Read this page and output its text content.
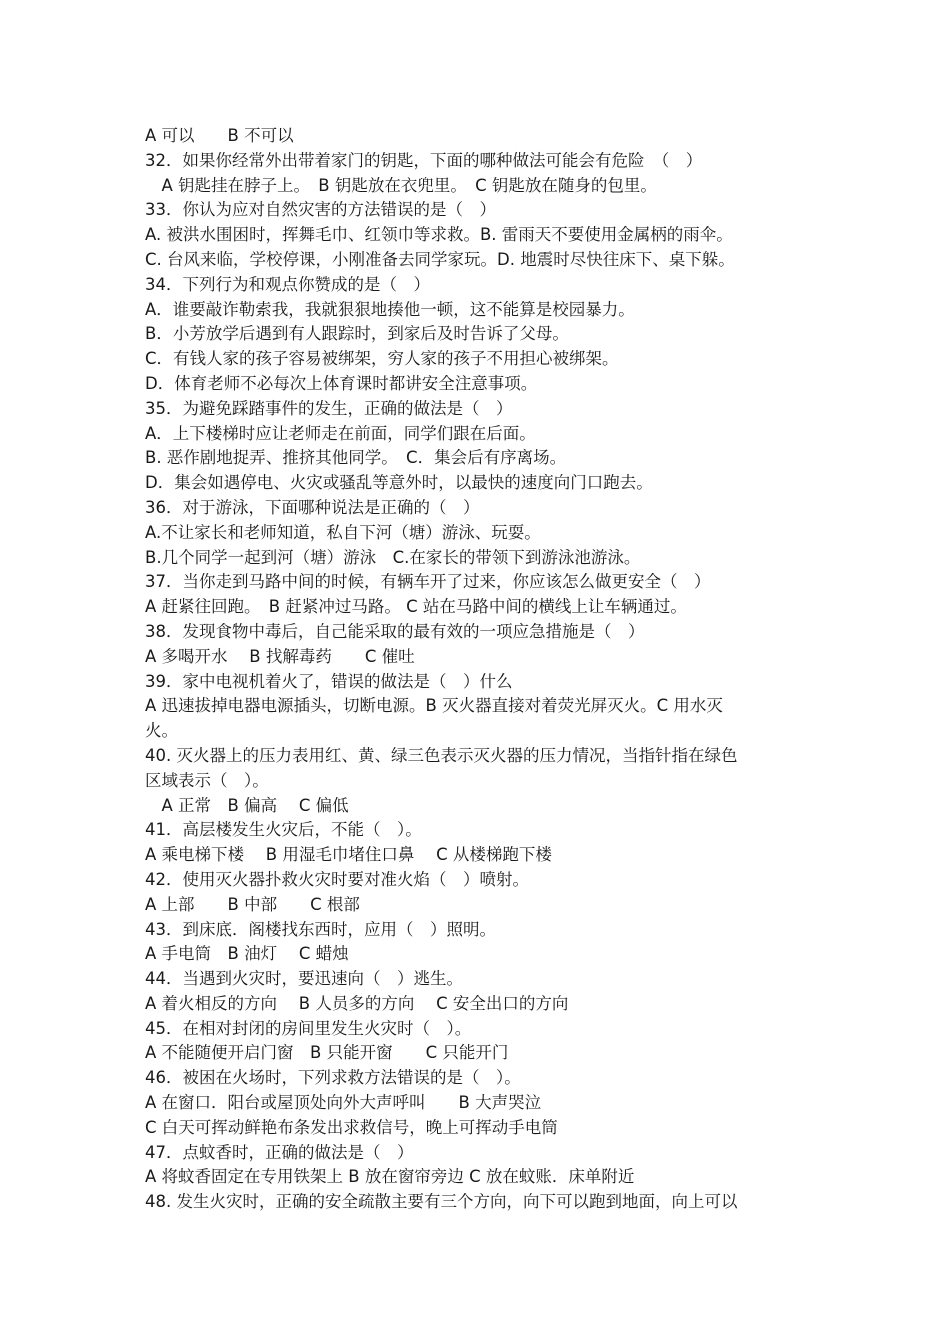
A 可以　　B 不可以
32．如果你经常外出带着家门的钥匙，下面的哪种做法可能会有危险　（　）
　A 钥匙挂在脖子上。　B 钥匙放在衣兜里。　C 钥匙放在随身的包里。
33．你认为应对自然灾害的方法错误的是（　）
A. 被洪水围困时，挥舞毛巾、红领巾等求救。B. 雷雨天不要使用金属柄的雨伞。
C. 台风来临，学校停课，小刚准备去同学家玩。D. 地震时尽快往床下、桌下躲。
34．下列行为和观点你赞成的是（　）
A．谁要敲诈勒索我，我就狠狠地揍他一顿，这不能算是校园暴力。
B．小芳放学后遇到有人跟踪时，到家后及时告诉了父母。
C．有钱人家的孩子容易被绑架，穷人家的孩子不用担心被绑架。
D．体育老师不必每次上体育课时都讲安全注意事项。
35．为避免踩踏事件的发生，正确的做法是（　）
A．上下楼梯时应让老师走在前面，同学们跟在后面。
B. 恶作剧地捉弄、推挤其他同学。　C．集会后有序离场。
D．集会如遇停电、火灾或骚乱等意外时，以最快的速度向门口跑去。
36．对于游泳，下面哪种说法是正确的（　）
A.不让家长和老师知道，私自下河（塘）游泳、玩耍。
B.几个同学一起到河（塘）游泳　C.在家长的带领下到游泳池游泳。
37．当你走到马路中间的时候，有辆车开了过来，你应该怎么做更安全（　）
A 赶紧往回跑。　B 赶紧冲过马路。 C 站在马路中间的横线上让车辆通过。
38．发现食物中毒后，自己能采取的最有效的一项应急措施是（　）
A 多喝开水　 B 找解毒药　　C 催吐
39．家中电视机着火了，错误的做法是（　）什么
A 迅速拔掉电器电源插头，切断电源。B 灭火器直接对着荧光屏灭火。C 用水灭
火。
40. 灭火器上的压力表用红、黄、绿三色表示灭火器的压力情况，当指针指在绿色
区域表示（　）。
　A 正常　B 偏高　 C 偏低
41．高层楼发生火灾后，不能（　）。
A 乘电梯下楼　 B 用湿毛巾堵住口鼻　 C 从楼梯跑下楼
42．使用灭火器扑救火灾时要对准火焰（　）喷射。
A 上部　　B 中部　　C 根部
43．到床底．阁楼找东西时，应用（　）照明。
A 手电筒　B 油灯　 C 蜡烛
44．当遇到火灾时，要迅速向（　）逃生。
A 着火相反的方向　 B 人员多的方向　 C 安全出口的方向
45．在相对封闭的房间里发生火灾时（　）。
A 不能随便开启门窗　B 只能开窗　　C 只能开门
46．被困在火场时，下列求救方法错误的是（　）。
A 在窗口．阳台或屋顶处向外大声呼叫　　B 大声哭泣
C 白天可挥动鲜艳布条发出求救信号，晚上可挥动手电筒
47．点蚊香时，正确的做法是（　）
A 将蚊香固定在专用铁架上 B 放在窗帘旁边 C 放在蚊账．床单附近
48. 发生火灾时，正确的安全疏散主要有三个方向，向下可以跑到地面，向上可以
